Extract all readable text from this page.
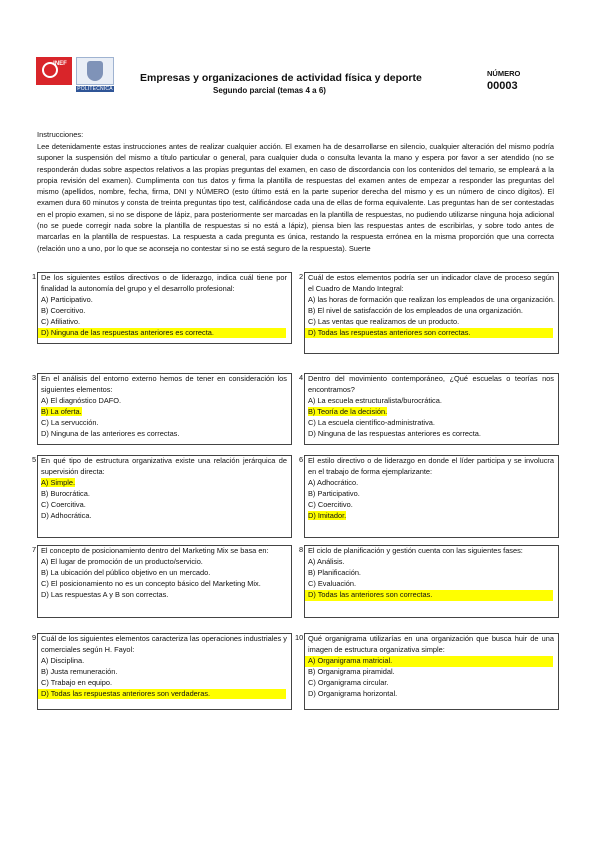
INEF
POLITÉCNICA
Empresas y organizaciones de actividad física y deporte
Segundo parcial (temas 4 a 6)
NÚMERO
00003
Instrucciones:
Lee detenidamente estas instrucciones antes de realizar cualquier acción. El examen ha de desarrollarse en silencio, cualquier alteración del mismo podría suponer la suspensión del mismo a título particular o general, para cualquier duda o consulta levanta la mano y espera por favor a ser atendido (no se responderán dudas sobre aspectos relativos a las propias preguntas del examen, en caso de discordancia con los contenidos del temario, se empleará a la propia revisión del examen). Cumplimenta con tus datos y firma la plantilla de respuestas del examen antes de empezar a responder las preguntas del mismo (apellidos, nombre, fecha, firma, DNI y NÚMERO (esto último está en la parte superior derecha del mismo y es un número de cinco dígitos). El examen dura 60 minutos y consta de treinta preguntas tipo test, calificándose cada una de ellas de forma equivalente. Las preguntas han de ser contestadas en el propio examen, si no se dispone de lápiz, para posteriormente ser marcadas en la plantilla de respuestas, no pudiendo utilizarse ninguna hoja adicional (no se puede corregir nada sobre la plantilla de respuestas si no está a lápiz), piensa bien las respuestas antes de escribirlas, y sobre todo antes de marcarlas en la plantilla de respuestas. La respuesta a cada pregunta es única, restando la respuesta errónea en la misma proporción que una correcta (relación uno a uno, por lo que se aconseja no contestar si no se está seguro de la respuesta). Suerte
1 De los siguientes estilos directivos o de liderazgo, indica cuál tiene por finalidad la autonomía del grupo y el desarrollo profesional:
A) Participativo.
B) Coercitivo.
C) Afiliativo.
D) Ninguna de las respuestas anteriores es correcta.
2 Cuál de estos elementos podría ser un indicador clave de proceso según el Cuadro de Mando Integral:
A) las horas de formación que realizan los empleados de una organización.
B) El nivel de satisfacción de los empleados de una organización.
C) Las ventas que realizamos de un producto.
D) Todas las respuestas anteriores son correctas.
3 En el análisis del entorno externo hemos de tener en consideración los siguientes elementos:
A) El diagnóstico DAFO.
B) La oferta.
C) La servucción.
D) Ninguna de las anteriores es correctas.
4 Dentro del movimiento contemporáneo, ¿Qué escuelas o teorías nos encontramos?
A) La escuela estructuralista/burocrática.
B) Teoría de la decisión.
C) La escuela científico-administrativa.
D) Ninguna de las respuestas anteriores es correcta.
5 En qué tipo de estructura organizativa existe una relación jerárquica de supervisión directa:
A) Simple.
B) Burocrática.
C) Coercitiva.
D) Adhocrática.
6 El estilo directivo o de liderazgo en donde el líder participa y se involucra en el trabajo de forma ejemplarizante:
A) Adhocrático.
B) Participativo.
C) Coercitivo.
D) Imitador.
7 El concepto de posicionamiento dentro del Marketing Mix se basa en:
A) El lugar de promoción de un producto/servicio.
B) La ubicación del público objetivo en un mercado.
C) El posicionamiento no es un concepto básico del Marketing Mix.
D) Las respuestas A y B son correctas.
8 El ciclo de planificación y gestión cuenta con las siguientes fases:
A) Análisis.
B) Planificación.
C) Evaluación.
D) Todas las anteriores son correctas.
9 Cuál de los siguientes elementos caracteriza las operaciones industriales y comerciales según H. Fayol:
A) Disciplina.
B) Justa remuneración.
C) Trabajo en equipo.
D) Todas las respuestas anteriores son verdaderas.
10 Qué organigrama utilizarías en una organización que busca huir de una imagen de estructura organizativa simple:
A) Organigrama matricial.
B) Organigrama piramidal.
C) Organigrama circular.
D) Organigrama horizontal.
